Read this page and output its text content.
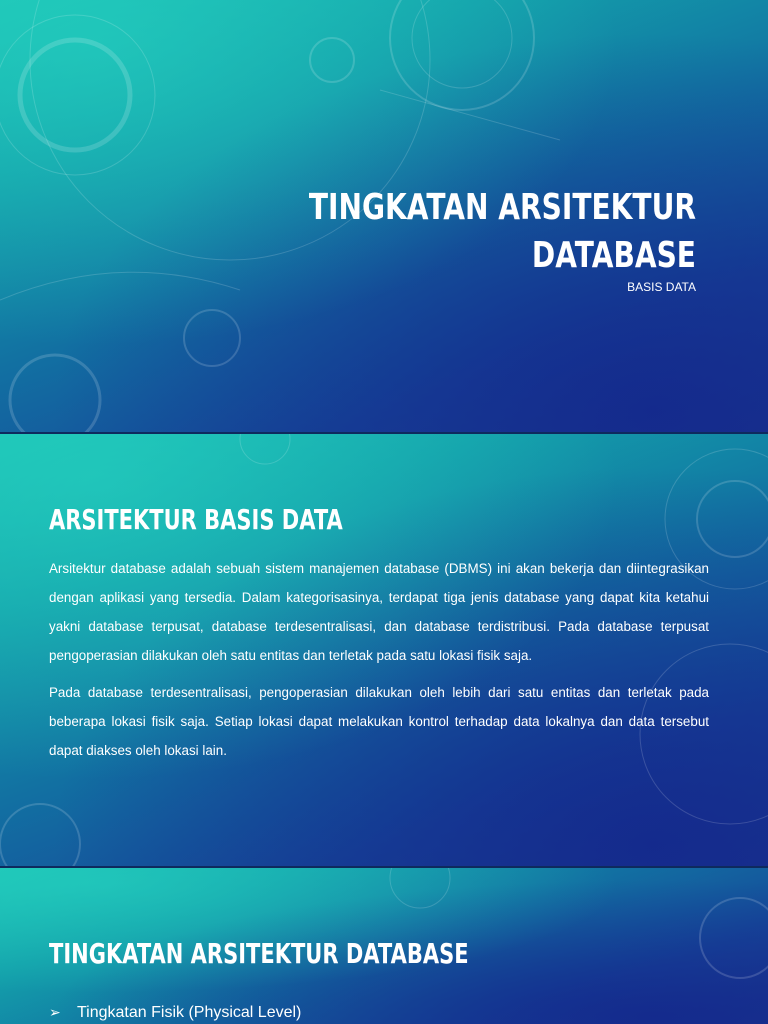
TINGKATAN ARSITEKTUR
DATABASE
BASIS DATA
ARSITEKTUR BASIS DATA

Arsitektur database adalah sebuah sistem manajemen database (DBMS) ini akan bekerja dan diintegrasikan dengan aplikasi yang tersedia. Dalam kategorisasinya, terdapat tiga jenis database yang dapat kita ketahui yakni database terpusat, database terdesentralisasi, dan database terdistribusi. Pada database terpusat pengoperasian dilakukan oleh satu entitas dan terletak pada satu lokasi fisik saja.

Pada database terdesentralisasi, pengoperasian dilakukan oleh lebih dari satu entitas dan terletak pada beberapa lokasi fisik saja. Setiap lokasi dapat melakukan kontrol terhadap data lokalnya dan data tersebut dapat diakses oleh lokasi lain.

TINGKATAN ARSITEKTUR DATABASE
➢ Tingkatan Fisik (Physical Level)
